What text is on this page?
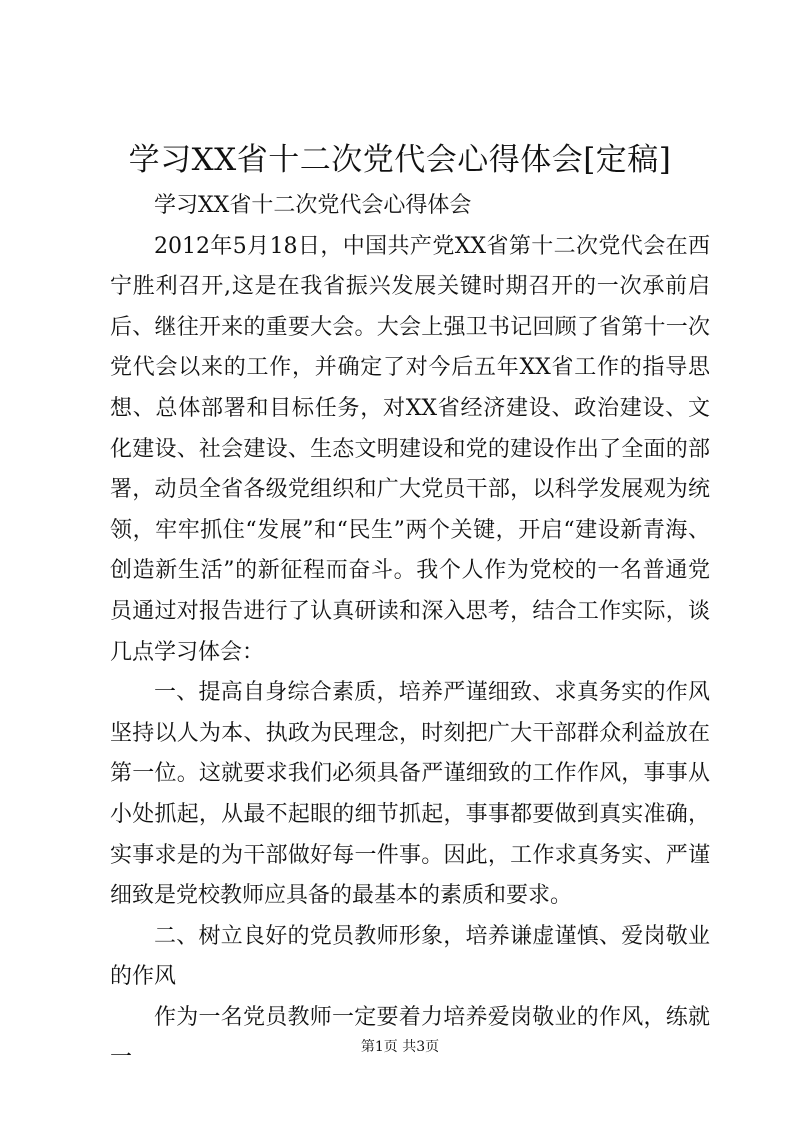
学习XX省十二次党代会心得体会[定稿]

学习XX省十二次党代会心得体会

2012年5月18日，中国共产党XX省第十二次党代会在西宁胜利召开,这是在我省振兴发展关键时期召开的一次承前启后、继往开来的重要大会。大会上强卫书记回顾了省第十一次党代会以来的工作，并确定了对今后五年XX省工作的指导思想、总体部署和目标任务，对XX省经济建设、政治建设、文化建设、社会建设、生态文明建设和党的建设作出了全面的部署，动员全省各级党组织和广大党员干部，以科学发展观为统领，牢牢抓住“发展”和“民生”两个关键，开启“建设新青海、创造新生活”的新征程而奋斗。我个人作为党校的一名普通党员通过对报告进行了认真研读和深入思考，结合工作实际，谈几点学习体会：

一、提高自身综合素质，培养严谨细致、求真务实的作风坚持以人为本、执政为民理念，时刻把广大干部群众利益放在第一位。这就要求我们必须具备严谨细致的工作作风，事事从小处抓起，从最不起眼的细节抓起，事事都要做到真实准确，实事求是的为干部做好每一件事。因此，工作求真务实、严谨细致是党校教师应具备的最基本的素质和要求。

二、树立良好的党员教师形象，培养谦虚谨慎、爱岗敬业的作风

作为一名党员教师一定要着力培养爱岗敬业的作风，练就一	第1页 共3页
